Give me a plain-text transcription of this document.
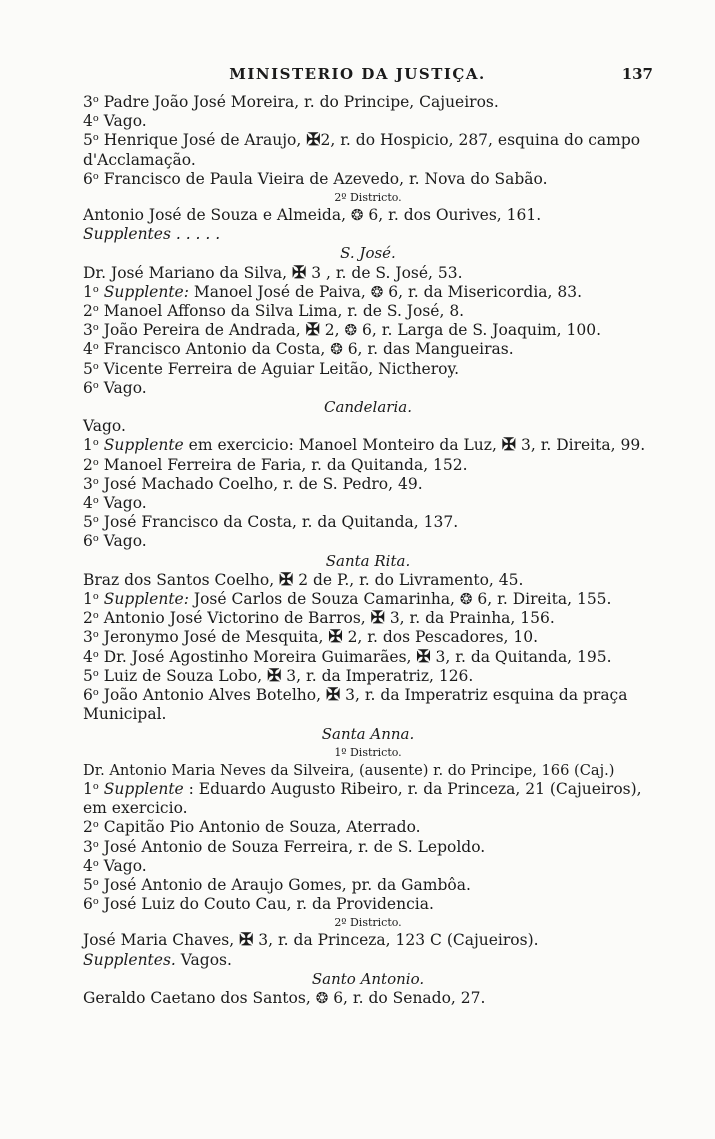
MINISTERIO DA JUSTIÇA.	137
3ᵒ Padre João José Moreira, r. do Principe, Cajueiros.
4ᵒ Vago.
5ᵒ Henrique José de Araujo, ✠2, r. do Hospicio, 287, esquina do campo d'Acclamação.
6ᵒ Francisco de Paula Vieira de Azevedo, r. Nova do Sabão.
2º Districto.
Antonio José de Souza e Almeida, ❂ 6, r. dos Ourives, 161.
Supplentes . . . . .
S. José.
Dr. José Mariano da Silva, ✠ 3 , r. de S. José, 53.
1ᵒ Supplente: Manoel José de Paiva, ❂ 6, r. da Misericordia, 83.
2ᵒ Manoel Affonso da Silva Lima, r. de S. José, 8.
3ᵒ João Pereira de Andrada, ✠ 2, ❂ 6, r. Larga de S. Joaquim, 100.
4ᵒ Francisco Antonio da Costa, ❂ 6, r. das Mangueiras.
5ᵒ Vicente Ferreira de Aguiar Leitão, Nictheroy.
6ᵒ Vago.
Candelaria.
Vago.
1ᵒ Supplente em exercicio: Manoel Monteiro da Luz, ✠ 3, r. Direita, 99.
2ᵒ Manoel Ferreira de Faria, r. da Quitanda, 152.
3ᵒ José Machado Coelho, r. de S. Pedro, 49.
4ᵒ Vago.
5ᵒ José Francisco da Costa, r. da Quitanda, 137.
6ᵒ Vago.
Santa Rita.
Braz dos Santos Coelho, ✠ 2 de P., r. do Livramento, 45.
1ᵒ Supplente: José Carlos de Souza Camarinha, ❂ 6, r. Direita, 155.
2ᵒ Antonio José Victorino de Barros, ✠ 3, r. da Prainha, 156.
3ᵒ Jeronymo José de Mesquita, ✠ 2, r. dos Pescadores, 10.
4ᵒ Dr. José Agostinho Moreira Guimarães, ✠ 3, r. da Quitanda, 195.
5ᵒ Luiz de Souza Lobo, ✠ 3, r. da Imperatriz, 126.
6ᵒ João Antonio Alves Botelho, ✠ 3, r. da Imperatriz esquina da praça Municipal.
Santa Anna.
1º Districto.
Dr. Antonio Maria Neves da Silveira, (ausente) r. do Principe, 166 (Caj.)
1ᵒ Supplente : Eduardo Augusto Ribeiro, r. da Princeza, 21 (Cajueiros), em exercicio.
2ᵒ Capitão Pio Antonio de Souza, Aterrado.
3ᵒ José Antonio de Souza Ferreira, r. de S. Lepoldo.
4ᵒ Vago.
5ᵒ José Antonio de Araujo Gomes, pr. da Gambôa.
6ᵒ José Luiz do Couto Cau, r. da Providencia.
2º Districto.
José Maria Chaves, ✠ 3, r. da Princeza, 123 C (Cajueiros).
Supplentes. Vagos.
Santo Antonio.
Geraldo Caetano dos Santos, ❂ 6, r. do Senado, 27.
